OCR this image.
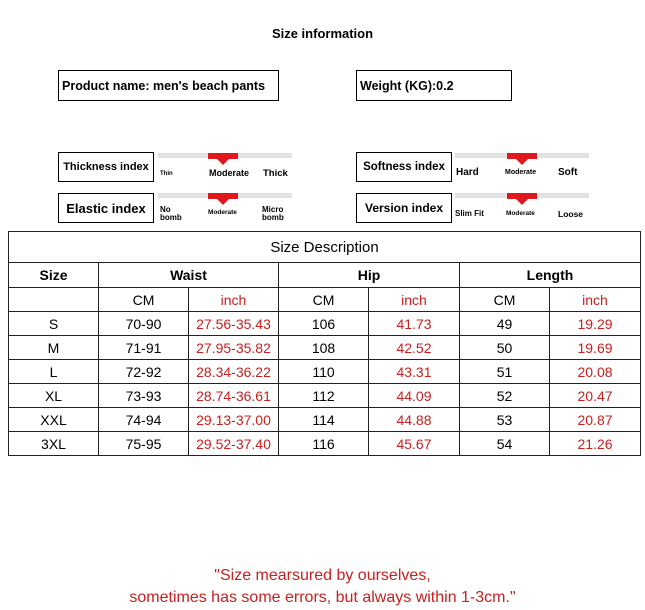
Size information
Product name: men's beach pants	Weight (KG):0.2
Thickness index
Thin	Moderate Thick
Softness index Hard	Moderate Soft
Elastic index No bomb
Moderate	Micro bomb
Version index Slim Fit	Moderate	Loose
Size Description						
Size	Waist		Hip		Length	
	CM	inch	CM	inch	CM	inch
S	70-90	27.56-35.43	106	41.73	49	19.29
M	71-91	27.95-35.82	108	42.52	50	19.69
L	72-92	28.34-36.22	110	43.31	51	20.08
XL	73-93	28.74-36.61	112	44.09	52	20.47
XXL	74-94	29.13-37.00	114	44.88	53	20.87
3XL	75-95	29.52-37.40	116	45.67	54	21.26
"Size mearsured by ourselves,
sometimes has some errors, but always within 1-3cm."
